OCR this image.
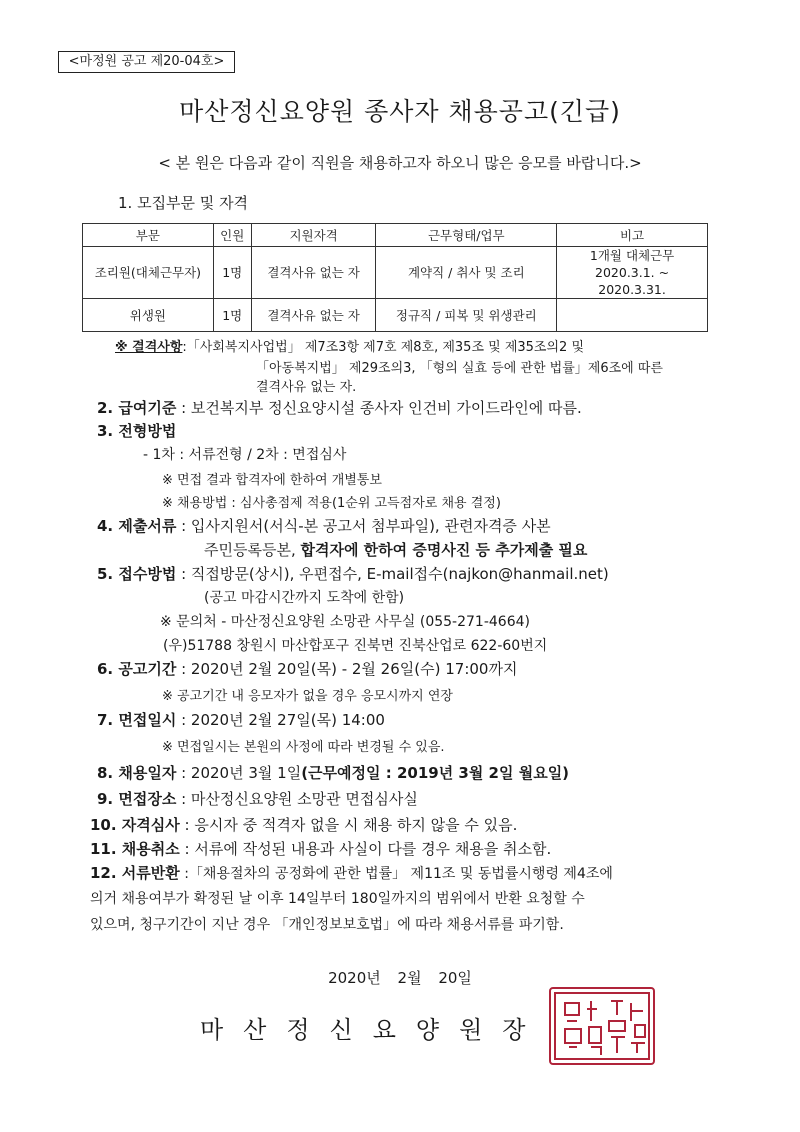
<마정원 공고 제20-04호>
마산정신요양원 종사자 채용공고(긴급)
< 본 원은 다음과 같이 직원을 채용하고자 하오니 많은 응모를 바랍니다.>
1. 모집부문 및 자격
부문	인원	지원자격	근무형태/업무	비고
조리원(대체근무자)	1명	결격사유 없는 자	계약직 / 취사 및 조리	1개월 대체근무
2020.3.1. ~ 2020.3.31.

위생원	1명	결격사유 없는 자	정규직 / 피복 및 위생관리	
※ 결격사항:「사회복지사업법」 제7조3항 제7호 제8호, 제35조 및 제35조의2 및
「아동복지법」 제29조의3, 「형의 실효 등에 관한 법률」제6조에 따른
결격사유 없는 자.
2. 급여기준 : 보건복지부 정신요양시설 종사자 인건비 가이드라인에 따름.
3. 전형방법
- 1차 : 서류전형 / 2차 : 면접심사
※ 면접 결과 합격자에 한하여 개별통보
※ 채용방법 : 심사총점제 적용(1순위 고득점자로 채용 결정)
4. 제출서류 : 입사지원서(서식-본 공고서 첨부파일), 관련자격증 사본
주민등록등본, 합격자에 한하여 증명사진 등 추가제출 필요
5. 접수방법 : 직접방문(상시), 우편접수, E-mail접수(najkon@hanmail.net)
(공고 마감시간까지 도착에 한함)
※ 문의처 - 마산정신요양원 소망관 사무실 (055-271-4664)
(우)51788 창원시 마산합포구 진북면 진북산업로 622-60번지
6. 공고기간 : 2020년 2월 20일(목) - 2월 26일(수) 17:00까지
※ 공고기간 내 응모자가 없을 경우 응모시까지 연장
7. 면접일시 : 2020년 2월 27일(목) 14:00
※ 면접일시는 본원의 사정에 따라 변경될 수 있음.
8. 채용일자 : 2020년 3월 1일(근무예정일 : 2019년 3월 2일 월요일)
9. 면접장소 : 마산정신요양원 소망관 면접심사실
10. 자격심사 : 응시자 중 적격자 없을 시 채용 하지 않을 수 있음.
11. 채용취소 : 서류에 작성된 내용과 사실이 다를 경우 채용을 취소함.
12. 서류반환 :「채용절차의 공정화에 관한 법률」 제11조 및 동법률시행령 제4조에
의거 채용여부가 확정된 날 이후 14일부터 180일까지의 범위에서 반환 요청할 수
있으며, 청구기간이 지난 경우 「개인정보보호법」에 따라 채용서류를 파기함.
2020년 2월 20일
마산정신요양원장
